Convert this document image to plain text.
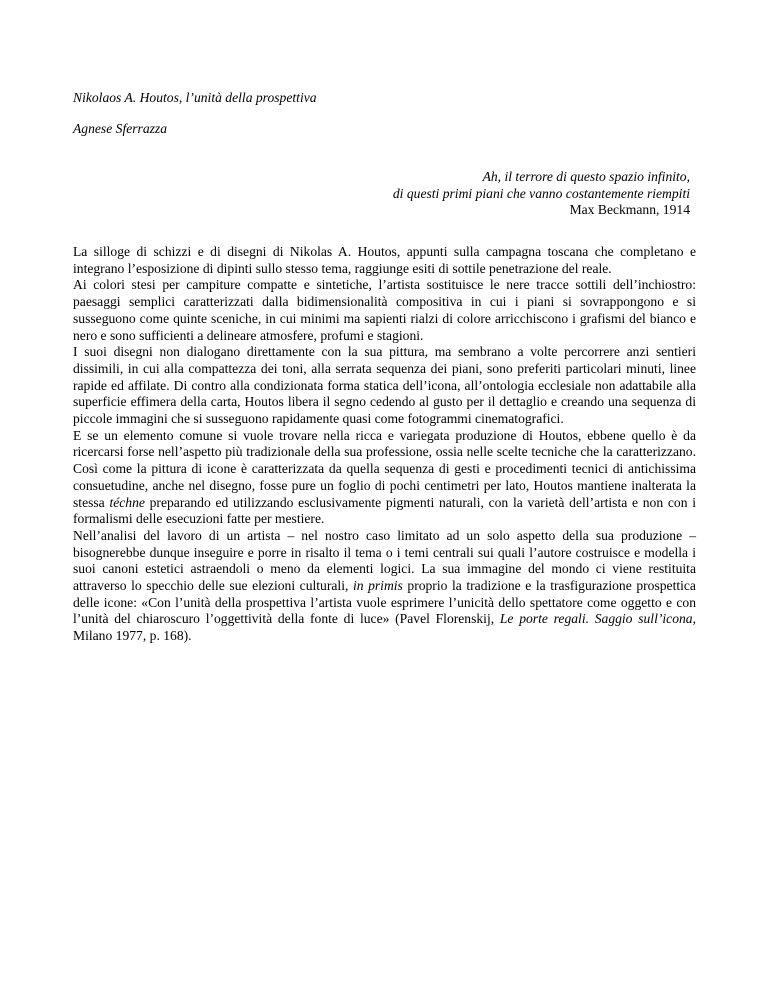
Nikolaos A. Houtos, l’unità della prospettiva
Agnese Sferrazza
Ah, il terrore di questo spazio infinito,
di questi primi piani che vanno costantemente riempiti
Max Beckmann, 1914

La silloge di schizzi e di disegni di Nikolas A. Houtos, appunti sulla campagna toscana che completano e integrano l’esposizione di dipinti sullo stesso tema, raggiunge esiti di sottile penetrazione del reale.

Ai colori stesi per campiture compatte e sintetiche, l’artista sostituisce le nere tracce sottili dell’inchiostro: paesaggi semplici caratterizzati dalla bidimensionalità compositiva in cui i piani si sovrappongono e si susseguono come quinte sceniche, in cui minimi ma sapienti rialzi di colore arricchiscono i grafismi del bianco e nero e sono sufficienti a delineare atmosfere, profumi e stagioni.

I suoi disegni non dialogano direttamente con la sua pittura, ma sembrano a volte percorrere anzi sentieri dissimili, in cui alla compattezza dei toni, alla serrata sequenza dei piani, sono preferiti particolari minuti, linee rapide ed affilate. Di contro alla condizionata forma statica dell’icona, all’ontologia ecclesiale non adattabile alla superficie effimera della carta, Houtos libera il segno cedendo al gusto per il dettaglio e creando una sequenza di piccole immagini che si susseguono rapidamente quasi come fotogrammi cinematografici.

E se un elemento comune si vuole trovare nella ricca e variegata produzione di Houtos, ebbene quello è da ricercarsi forse nell’aspetto più tradizionale della sua professione, ossia nelle scelte tecniche che la caratterizzano. Così come la pittura di icone è caratterizzata da quella sequenza di gesti e procedimenti tecnici di antichissima consuetudine, anche nel disegno, fosse pure un foglio di pochi centimetri per lato, Houtos mantiene inalterata la stessa téchne preparando ed utilizzando esclusivamente pigmenti naturali, con la varietà dell’artista e non con i formalismi delle esecuzioni fatte per mestiere.

Nell’analisi del lavoro di un artista – nel nostro caso limitato ad un solo aspetto della sua produzione – bisognerebbe dunque inseguire e porre in risalto il tema o i temi centrali sui quali l’autore costruisce e modella i suoi canoni estetici astraendoli o meno da elementi logici. La sua immagine del mondo ci viene restituita attraverso lo specchio delle sue elezioni culturali, in primis proprio la tradizione e la trasfigurazione prospettica delle icone: «Con l’unità della prospettiva l’artista vuole esprimere l’unicità dello spettatore come oggetto e con l’unità del chiaroscuro l’oggettività della fonte di luce» (Pavel Florenskij, Le porte regali. Saggio sull’icona, Milano 1977, p. 168).
